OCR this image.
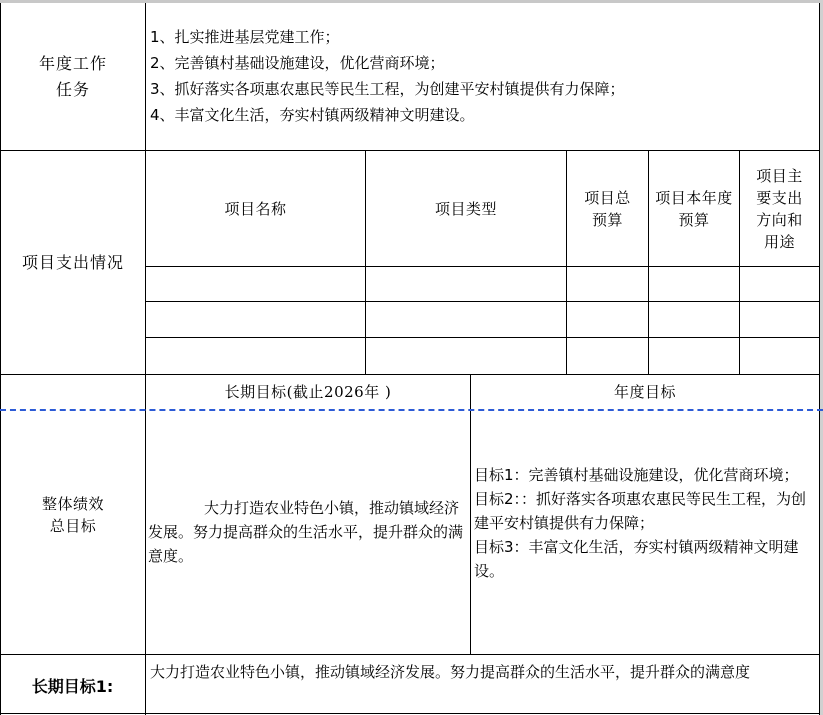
年度工作任务
1、扎实推进基层党建工作；
2、完善镇村基础设施建设，优化营商环境；
3、抓好落实各项惠农惠民等民生工程，为创建平安村镇提供有力保障；
4、丰富文化生活，夯实村镇两级精神文明建设。
项目支出情况
项目名称	项目类型
项目总预算
项目本年度预算
项目主要支出方向和用途
整体绩效总目标
长期目标(截止2026年 )	年度目标
大力打造农业特色小镇，推动镇域经济发展。努力提高群众的生活水平，提升群众的满意度。
目标1：完善镇村基础设施建设，优化营商环境；
目标2：：抓好落实各项惠农惠民等民生工程，为创建平安村镇提供有力保障；
目标3：丰富文化生活，夯实村镇两级精神文明建设。
长期目标1:
大力打造农业特色小镇，推动镇域经济发展。努力提高群众的生活水平，提升群众的满意度
